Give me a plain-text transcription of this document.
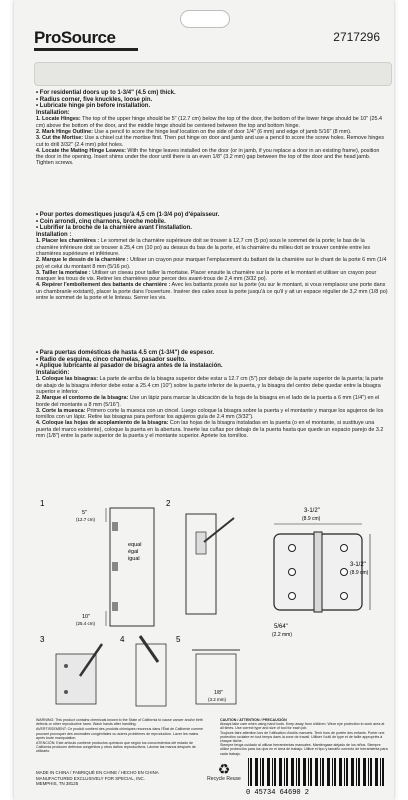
ProSource	2717296

• For residential doors up to 1-3/4" (4.5 cm) thick.

• Radius corner, five knuckles, loose pin.

• Lubricate hinge pin before installation.

Installation:

1. Locate Hinges: The top of the upper hinge should be 5" (12.7 cm) below the top of the door, the bottom of the lower hinge should be 10" (25.4 cm) above the bottom of the door, and the middle hinge should be centered between the top and bottom hinge.

2. Mark Hinge Outline: Use a pencil to score the hinge leaf location on the side of door 1/4" (6 mm) and edge of jamb 5/16" (8 mm).

3. Cut the Mortise: Use a chisel cut the mortise first. Then put hinge on door and jamb and use a pencil to score the screw holes. Remove hinges cut to drill 3/32" (2.4 mm) pilot holes.

4. Locate the Mating Hinge Leaves: With the hinge leaves installed on the door (or in jamb, if you replace a door in an existing frame), position the door in the opening. Insert shims under the door until there is an even 1/8" (3.2 mm) gap between the top of the door and the head jamb. Tighten screws.

• Pour portes domestiques jusqu'à 4,5 cm (1-3/4 po) d'épaisseur.

• Coin arrondi, cinq charnons, broche mobile.

• Lubrifier la broche de la charnière avant l'installation.

Installation :

1. Placer les charnières : Le sommet de la charnière supérieure doit se trouver à 12,7 cm (5 po) sous le sommet de la porte; le bas de la charnière inférieure doit se trouver à 25,4 cm (10 po) au dessus du bas de la porte, et la charnière du milieu doit se trouver centrée entre les charnières supérieure et inférieure.

2. Marque le dessin de la charnière : Utiliser un crayon pour marquer l'emplacement du battant de la charnière sur le chant de la porte 6 mm (1/4 po) et celui du montant 8 mm (5/16 po).

3. Tailler la mortaise : Utiliser un ciseau pour tailler la mortaise. Placer ensuite la charnière sur la porte et le montant et utiliser un crayon pour marquer les trous de vis. Retirer les charnières pour percer des avant-trous de 2,4 mm (3/32 po).

4. Repérer l'emboîtement des battants de charnière : Avec les battants posés sur la porte (ou sur le montant, si vous remplacez une porte dans un chambranle existant), placer la porte dans l'ouverture. Insérer des cales sous la porte jusqu'à ce qu'il y ait un espace régulier de 3,2 mm (1/8 po) entre le sommet de la porte et le linteau. Serrer les vis.

• Para puertas domésticas de hasta 4.5 cm (1-3/4") de espesor.

• Radio de esquina, cinco charnelas, pasador suelto.

• Aplique lubricante al pasador de bisagra antes de la instalación.

Instalación:

1. Coloque las bisagras: La parte de arriba de la bisagra superior debe estar a 12.7 cm (5") por debajo de la parte superior de la puerta; la parte de abajo de la bisagra inferior debe estar a 25.4 cm (10") sobre la parte inferior de la puerta, y la bisagra del centro debe quedar entre la bisagra superior e inferior.

2. Marque el contorno de la bisagra: Use un lápiz para marcar la ubicación de la hoja de la bisagra en el lado de la puerta a 6 mm (1/4") en el borde del montante a 8 mm (5/16").

3. Corte la muesca: Primero corte la muesca con un cincel. Luego coloque la bisagra sobre la puerta y el montante y marque los agujeros de los tornillos con un lápiz. Retire las bisagras para perforar los agujeros guía de 2.4 mm (3/32").

4. Coloque las hojas de acoplamiento de la bisagra: Con las hojas de la bisagra instaladas en la puerta (o en el montante, si sustituye una puerta del marco existente), coloque la puerta en la abertura. Inserte las cuñas por debajo de la puerta hasta que quede un espacio parejo de 3.2 mm (1/8") entre la parte superior de la puerta y el montante superior. Apriete los tornillos.

1
5"
(12.7 cm)
equal
égal
igual
10"
(25.4 cm)
2
3	4	5
1/8"
(3.2 mm)
3-1/2"
(8.9 cm)
3-1/2"
(8.9 cm)
5/64"
(2.2 mm)

WARNING: This product contains chemicals known to the State of California to cause cancer and/or birth defects or other reproductive harm. Wash hands after handling.

AVERTISSEMENT: Ce produit contient des produits chimiques reconnus dans l'État de Californie comme pouvant provoquer des anomalies congénitales ou autres problèmes de reproduction. Laver les mains après toute manipulation.

ATENCIÓN: Este artículo contiene productos químicos que según los conocimientos del estado de California producen defectos congénitos y otros daños reproductivos. Lávese las manos después de utilizarlo.

CAUTION / ATTENTION / PRECAUCIÓN

Always take care when using hand tools. Keep away from children. Wear eye protection to work area at all times. Use correct type and size of tool for each job.

Toujours faire attention lors de l'utilisation d'outils manuels. Tenir hors de portée des enfants. Porter une protection oculaire en tout temps dans la zone de travail. Utiliser l'outil de type et de taille appropriés à chaque tâche.

Siempre tenga cuidado al utilizar herramientas manuales. Manténgase alejado de los niños. Siempre utilice protección para los ojos en el área de trabajo. Utilice el tipo y tamaño correcto de herramienta para cada trabajo.

MADE IN CHINA / FABRIQUÉ EN CHINE / HECHO EN CHINA
MANUFACTURED EXCLUSIVELY FOR SPECIAL, INC.
MEMPHIS, TN 38125
♻
Recycle Reuse
0 45734 64690 2
